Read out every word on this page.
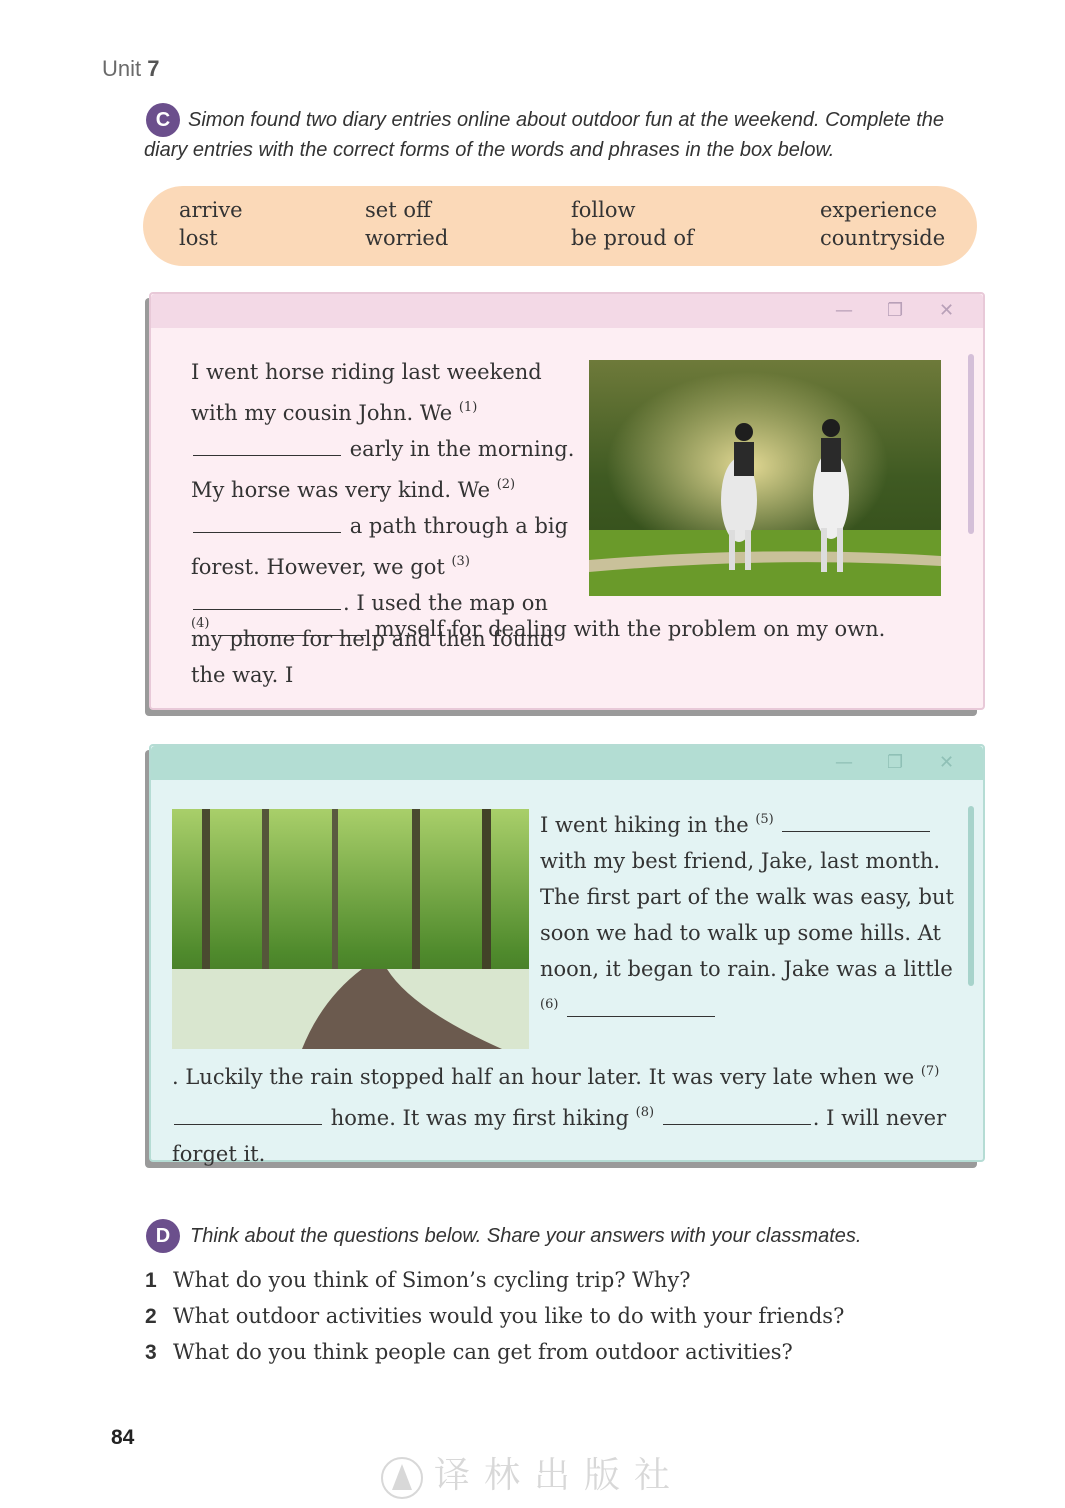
Unit 7
C Simon found two diary entries online about outdoor fun at the weekend. Complete the diary entries with the correct forms of the words and phrases in the box below.
arrive
lost
set off
worried
follow
be proud of
experience
countryside
— ❐ ✕
I went horse riding last weekend with my cousin John. We $^{(1)}$  early in the morning. My horse was very kind. We $^{(2)}$  a path through a big forest. However, we got $^{(3)}$ . I used the map on my phone for help and then found the way. I
$^{(4)}$	myself for dealing with the problem on my own.
— ❐ ✕
I went hiking in the $^{(5)}$  with my best friend, Jake, last month. The first part of the walk was easy, but soon we had to walk up some hills. At noon, it began to rain. Jake was a little $^{(6)}$
. Luckily the rain stopped half an hour later. It was very late when we $^{(7)}$  home. It was my first hiking $^{(8)}$	. I will never forget it.
D Think about the questions below. Share your answers with your classmates.
1 What do you think of Simon’s cycling trip? Why?
2 What outdoor activities would you like to do with your friends?
3 What do you think people can get from outdoor activities?
84
译林出版社
